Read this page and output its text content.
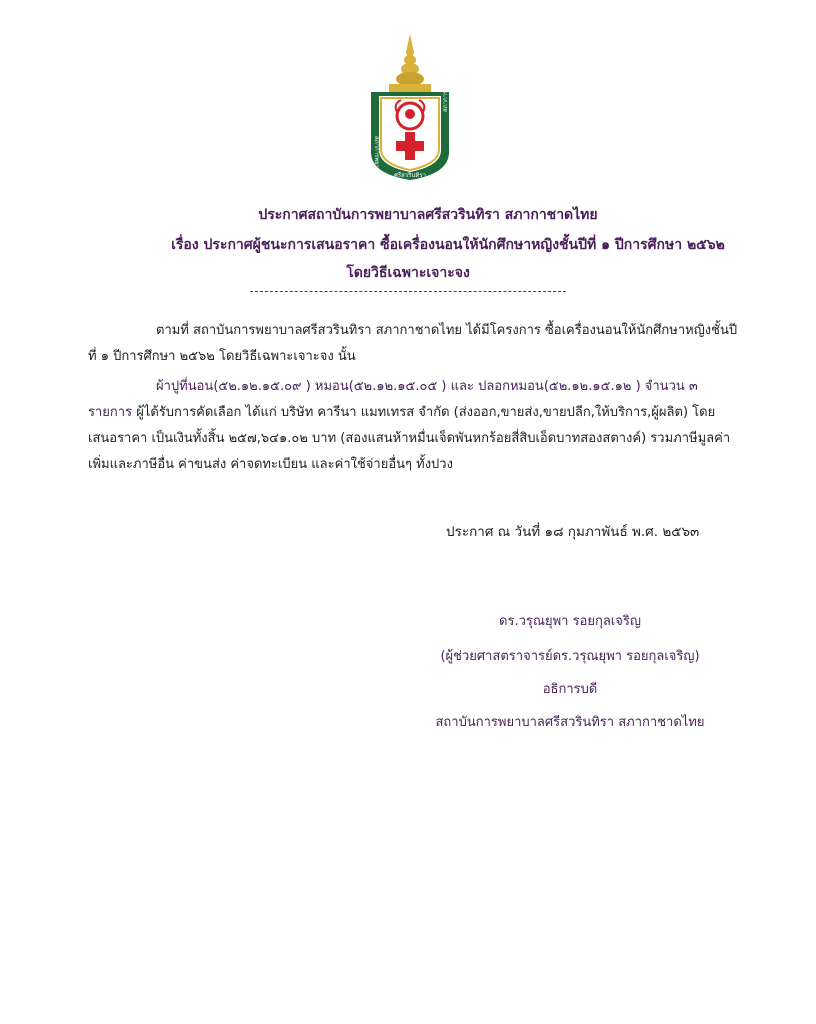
สภาการพยาบาล
สภาการพยาบาล
ศรีสวรินทิรา
ประกาศสถาบันการพยาบาลศรีสวรินทิรา สภากาชาดไทย
เรื่อง ประกาศผู้ชนะการเสนอราคา ซื้อเครื่องนอนให้นักศึกษาหญิงชั้นปีที่ ๑ ปีการศึกษา ๒๕๖๒
โดยวิธีเฉพาะเจาะจง
ตามที่ สถาบันการพยาบาลศรีสวรินทิรา สภากาชาดไทย ได้มีโครงการ ซื้อเครื่องนอนให้นักศึกษาหญิงชั้นปีที่ ๑ ปีการศึกษา ๒๕๖๒ โดยวิธีเฉพาะเจาะจง นั้น
ผ้าปูที่นอน(๕๒.๑๒.๑๕.๐๙ ) หมอน(๕๒.๑๒.๑๕.๐๕ ) และ ปลอกหมอน(๕๒.๑๒.๑๕.๑๒ ) จำนวน ๓ รายการ ผู้ได้รับการคัดเลือก ได้แก่ บริษัท คารีนา แมทเทรส จำกัด (ส่งออก,ขายส่ง,ขายปลีก,ให้บริการ,ผู้ผลิต) โดยเสนอราคา เป็นเงินทั้งสิ้น ๒๕๗,๖๔๑.๐๒ บาท (สองแสนห้าหมื่นเจ็ดพันหกร้อยสี่สิบเอ็ดบาทสองสตางค์) รวมภาษีมูลค่าเพิ่มและภาษีอื่น ค่าขนส่ง ค่าจดทะเบียน และค่าใช้จ่ายอื่นๆ ทั้งปวง
ประกาศ ณ วันที่ ๑๘ กุมภาพันธ์ พ.ศ. ๒๕๖๓
ดร.วรุณยุพา รอยกุลเจริญ
(ผู้ช่วยศาสตราจารย์ดร.วรุณยุพา รอยกุลเจริญ)
อธิการบดี
สถาบันการพยาบาลศรีสวรินทิรา สภากาชาดไทย
